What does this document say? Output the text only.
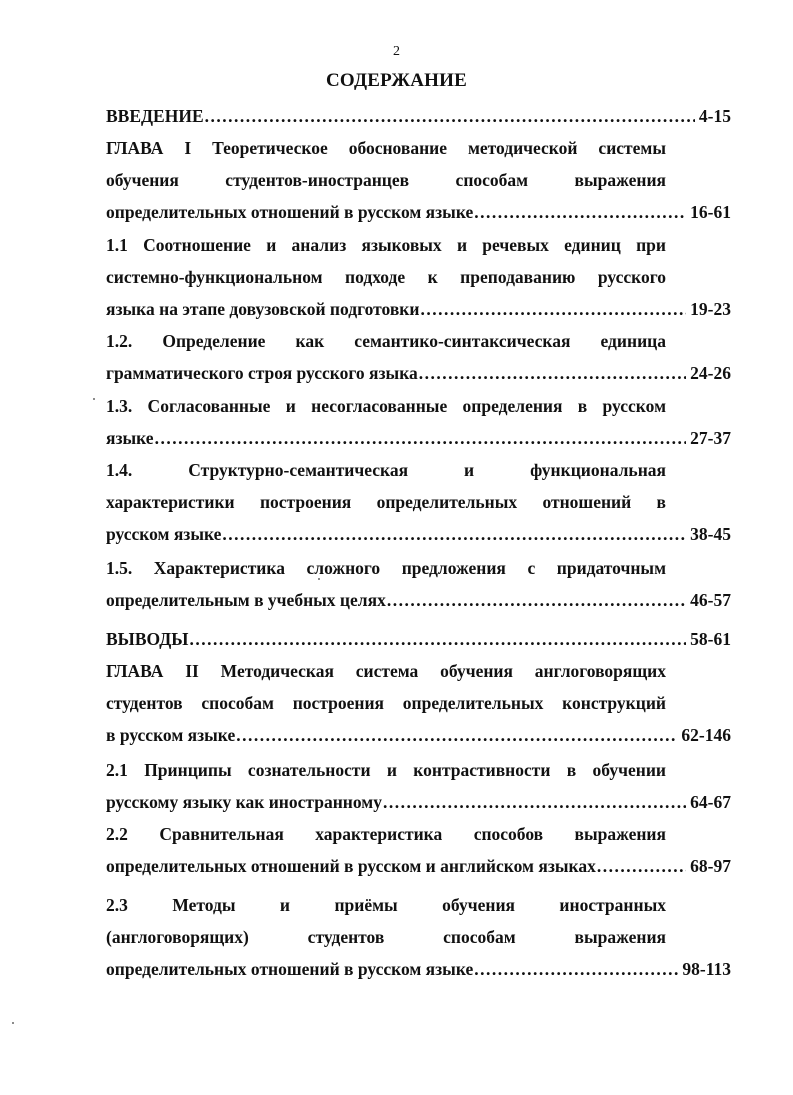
2
СОДЕРЖАНИЕ
ВВЕДЕНИЕ .....	4-15
ГЛАВА I Теоретическое обоснование методической системы
обучения студентов-иностранцев способам выражения
определительных отношений в русском языке .....	16-61
1.1 Соотношение и анализ языковых и речевых единиц при
системно-функциональном подходе к преподаванию русского
языка на этапе довузовской подготовки .....	19-23
1.2. Определение как семантико-синтаксическая единица
грамматического строя русского языка .....	24-26
1.3. Согласованные и несогласованные определения в русском
языке .....	27-37
1.4. Структурно-семантическая и функциональная
характеристики построения определительных отношений в
русском языке .....	38-45
1.5. Характеристика сложного предложения с придаточным
определительным в учебных целях .....	46-57
ВЫВОДЫ .....	58-61
ГЛАВА II Методическая система обучения англоговорящих
студентов способам построения определительных конструкций
в русском языке .....	62-146
2.1 Принципы сознательности и контрастивности в обучении
русскому языку как иностранному .....	64-67
2.2 Сравнительная характеристика способов выражения
определительных отношений в русском и английском языках .....	68-97
2.3 Методы и приёмы обучения иностранных
(англоговорящих) студентов способам выражения
определительных отношений в русском языке .....	98-113
